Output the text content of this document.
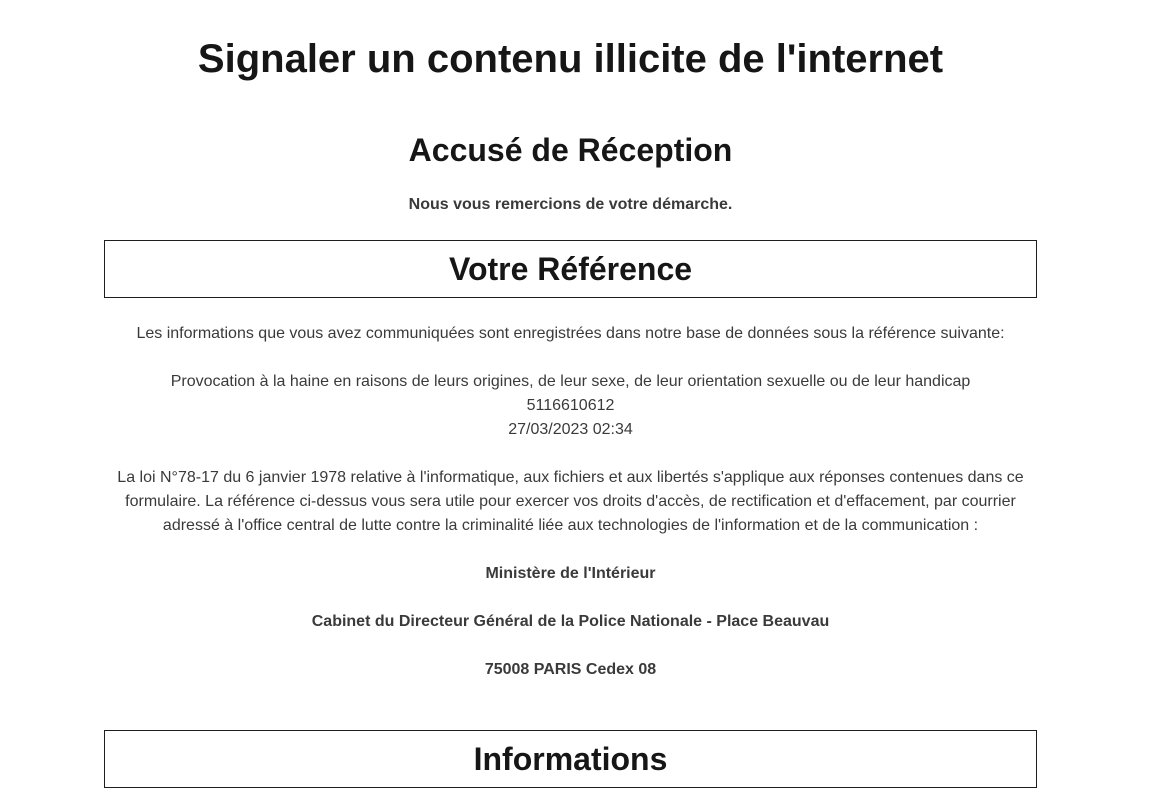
Signaler un contenu illicite de l'internet
Accusé de Réception

Nous vous remercions de votre démarche.

Votre Référence

Les informations que vous avez communiquées sont enregistrées dans notre base de données sous la référence suivante:

Provocation à la haine en raisons de leurs origines, de leur sexe, de leur orientation sexuelle ou de leur handicap

5116610612

27/03/2023 02:34

La loi N°78-17 du 6 janvier 1978 relative à l'informatique, aux fichiers et aux libertés s'applique aux réponses contenues dans ce formulaire. La référence ci-dessus vous sera utile pour exercer vos droits d'accès, de rectification et d'effacement, par courrier adressé à l'office central de lutte contre la criminalité liée aux technologies de l'information et de la communication :

Ministère de l'Intérieur

Cabinet du Directeur Général de la Police Nationale - Place Beauvau

75008 PARIS Cedex 08

Informations
